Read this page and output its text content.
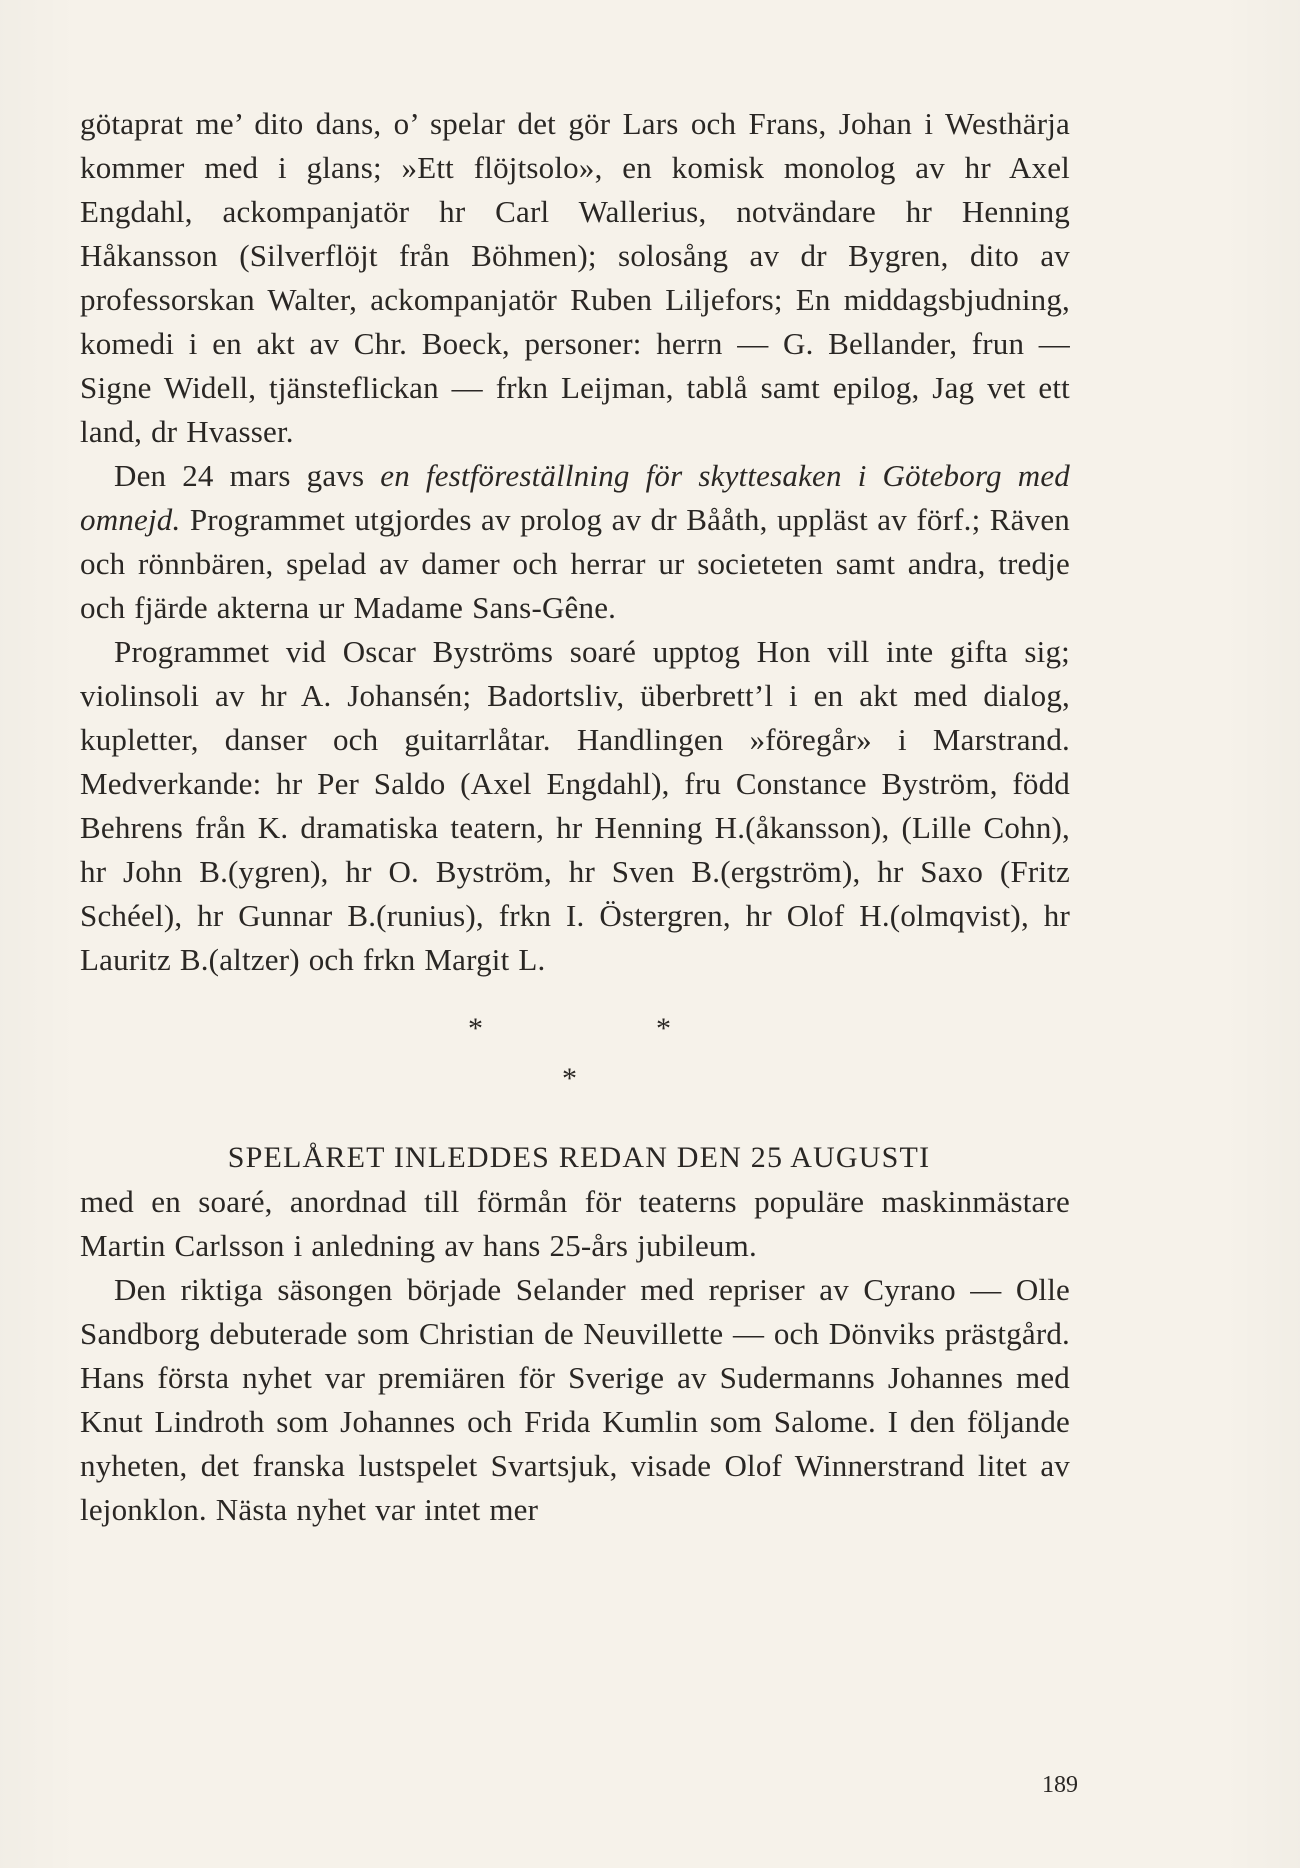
götaprat me’ dito dans, o’ spelar det gör Lars och Frans, Johan i Westhärja kommer med i glans; »Ett flöjtsolo», en komisk monolog av hr Axel Engdahl, ackompanjatör hr Carl Wallerius, notvändare hr Henning Håkansson (Silverflöjt från Böhmen); solosång av dr Bygren, dito av professorskan Walter, ackompanjatör Ruben Liljefors; En middagsbjudning, komedi i en akt av Chr. Boeck, personer: herrn — G. Bellander, frun — Signe Widell, tjänsteflickan — frkn Leijman, tablå samt epilog, Jag vet ett land, dr Hvasser.

Den 24 mars gavs en festföreställning för skyttesaken i Göteborg med omnejd. Programmet utgjordes av prolog av dr Bååth, uppläst av förf.; Räven och rönnbären, spelad av damer och herrar ur societeten samt andra, tredje och fjärde akterna ur Madame Sans-Gêne.

Programmet vid Oscar Byströms soaré upptog Hon vill inte gifta sig; violinsoli av hr A. Johansén; Badortsliv, überbrett’l i en akt med dialog, kupletter, danser och guitarrlåtar. Handlingen »föregår» i Marstrand. Medverkande: hr Per Saldo (Axel Engdahl), fru Constance Byström, född Behrens från K. dramatiska teatern, hr Henning H.(åkansson), (Lille Cohn), hr John B.(ygren), hr O. Byström, hr Sven B.(ergström), hr Saxo (Fritz Schéel), hr Gunnar B.(runius), frkn I. Östergren, hr Olof H.(olmqvist), hr Lauritz B.(altzer) och frkn Margit L.

*	*
*

SPELÅRET INLEDDES REDAN DEN 25 AUGUSTI

med en soaré, anordnad till förmån för teaterns populäre maskinmästare Martin Carlsson i anledning av hans 25-års jubileum.

Den riktiga säsongen började Selander med repriser av Cyrano — Olle Sandborg debuterade som Christian de Neuvillette — och Dönviks prästgård. Hans första nyhet var premiären för Sverige av Sudermanns Johannes med Knut Lindroth som Johannes och Frida Kumlin som Salome. I den följande nyheten, det franska lustspelet Svartsjuk, visade Olof Winnerstrand litet av lejonklon. Nästa nyhet var intet mer

189
